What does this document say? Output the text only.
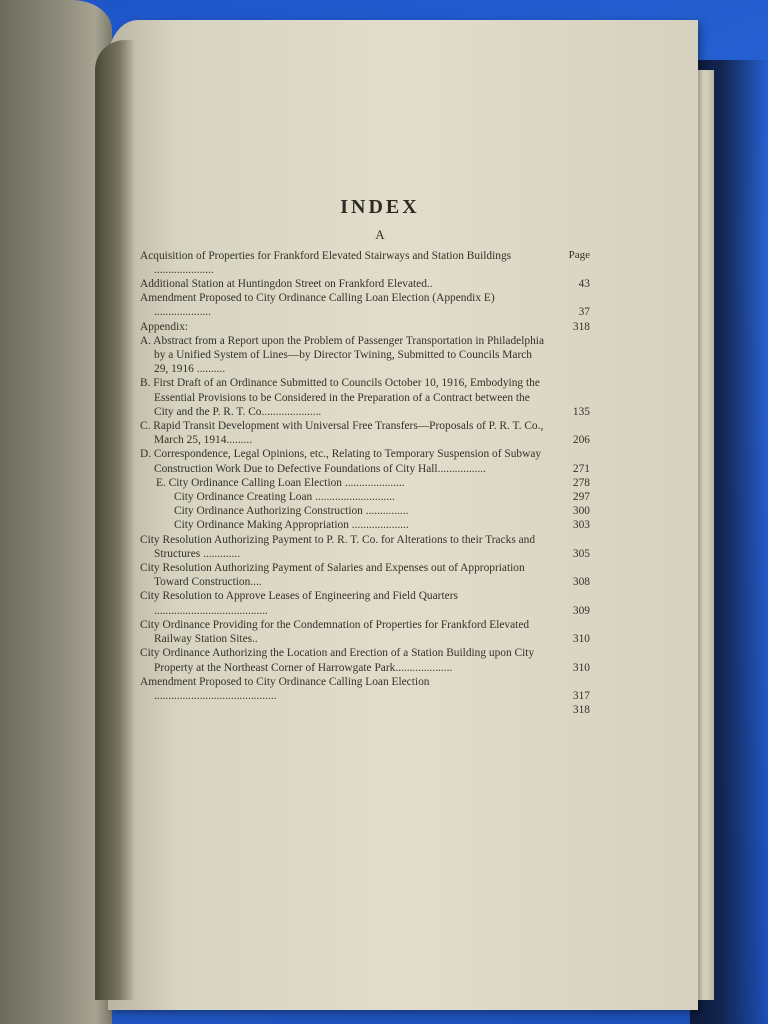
INDEX
A
Page
Acquisition of Properties for Frankford Elevated Stairways and Station Buildings .....................
Additional Station at Huntingdon Street on Frankford Elevated..	43
Amendment Proposed to City Ordinance Calling Loan Election (Appendix E) ....................	37
Appendix:	318
A. Abstract from a Report upon the Problem of Passenger Transportation in Philadelphia by a Unified System of Lines—by Director Twining, Submitted to Councils March 29, 1916 ..........
B. First Draft of an Ordinance Submitted to Councils October 10, 1916, Embodying the Essential Provisions to be Considered in the Preparation of a Contract between the City and the P. R. T. Co.....................	135
C. Rapid Transit Development with Universal Free Transfers—Proposals of P. R. T. Co., March 25, 1914.........	206
D. Correspondence, Legal Opinions, etc., Relating to Temporary Suspension of Subway Construction Work Due to Defective Foundations of City Hall.................	271
E. City Ordinance Calling Loan Election .....................	278
City Ordinance Creating Loan ............................	297
City Ordinance Authorizing Construction ...............	300
City Ordinance Making Appropriation ....................	303
City Resolution Authorizing Payment to P. R. T. Co. for Alterations to their Tracks and Structures .............	305
City Resolution Authorizing Payment of Salaries and Expenses out of Appropriation Toward Construction....	308
City Resolution to Approve Leases of Engineering and Field Quarters ........................................	309
City Ordinance Providing for the Condemnation of Properties for Frankford Elevated Railway Station Sites..	310
City Ordinance Authorizing the Location and Erection of a Station Building upon City Property at the Northeast Corner of Harrowgate Park....................	310
Amendment Proposed to City Ordinance Calling Loan Election ...........................................	317
318
